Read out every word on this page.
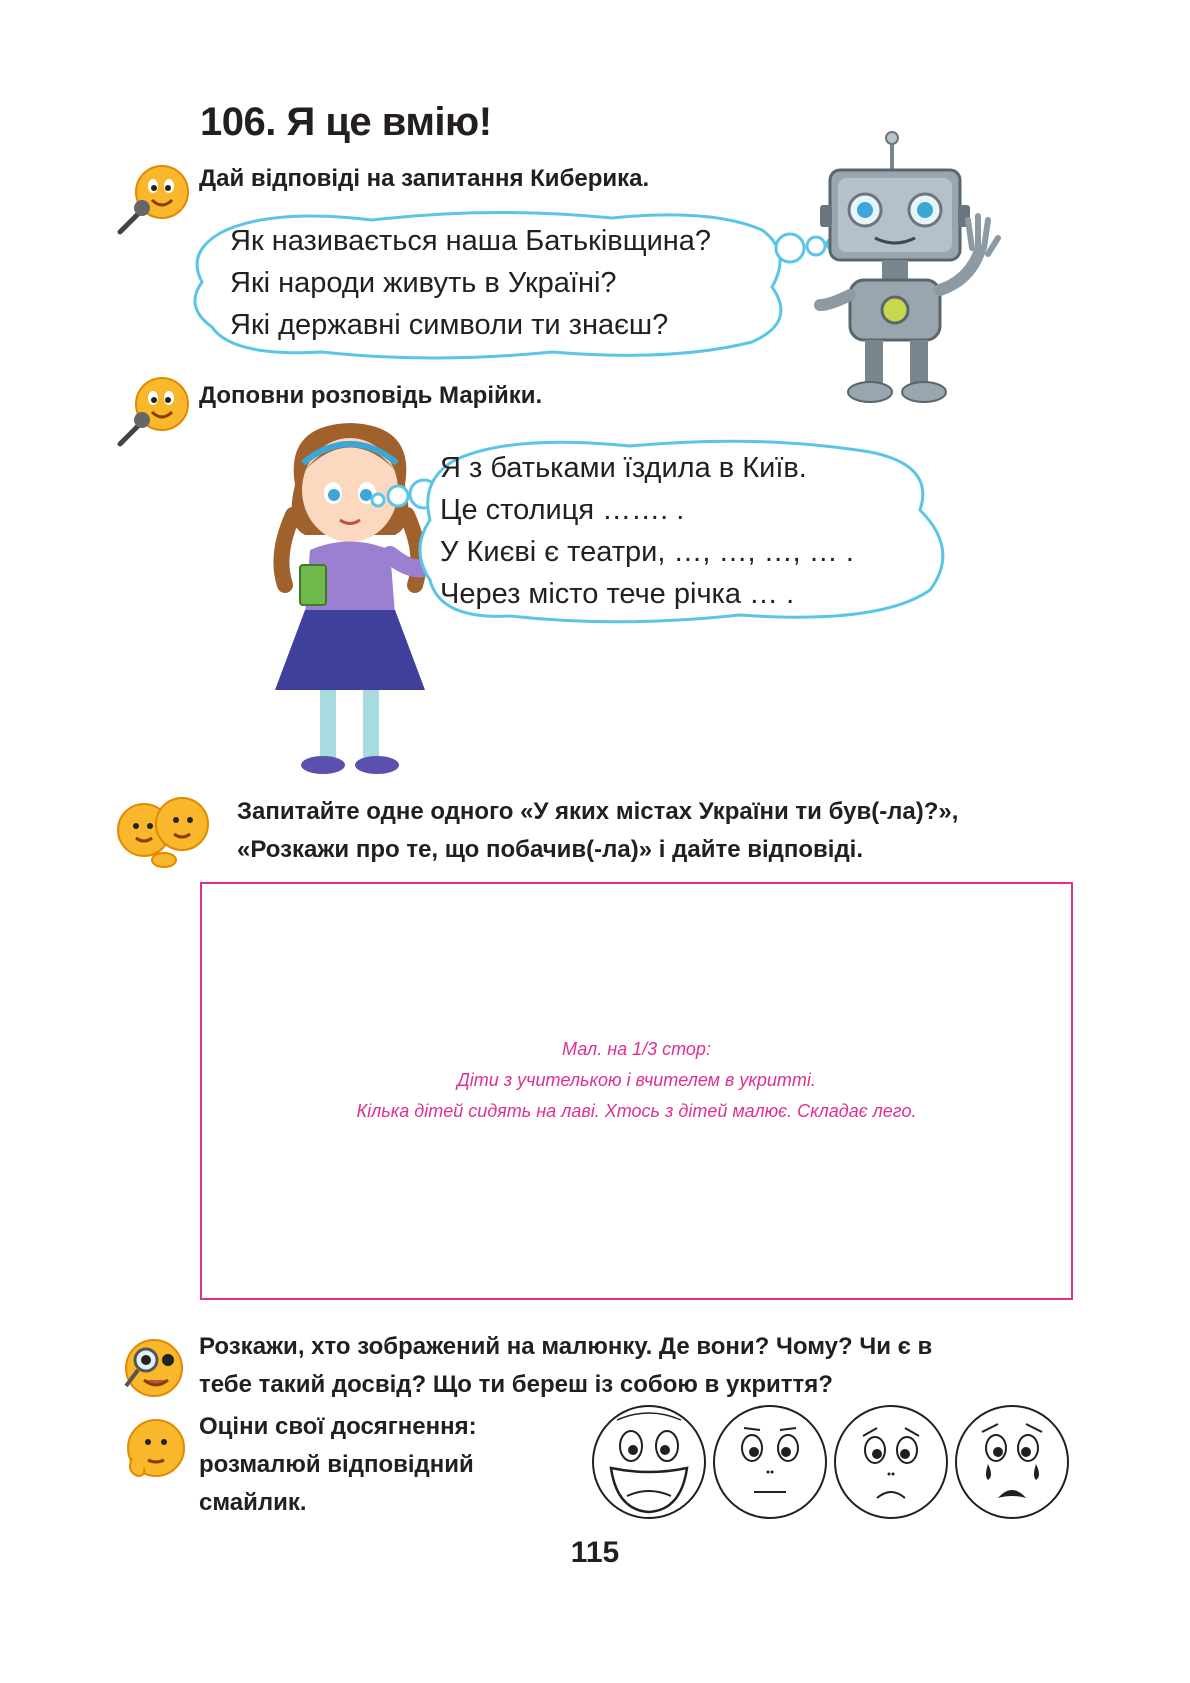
106. Я це вмію!
Дай відповіді на запитання Киберика.
Як називається наша Батьківщина?
Які народи живуть в Україні?
Які державні символи ти знаєш?
Доповни розповідь Марійки.
Я з батьками їздила в Київ.
Це столиця ……. .
У Києві є театри, …, …, …, … .
Через місто тече річка … .
Запитайте одне одного «У яких містах України ти був(-ла)?»,
«Розкажи про те, що побачив(-ла)» і дайте відповіді.
Мал. на 1/3 стор:
Діти з учителькою і вчителем в укритті.
Кілька дітей сидять на лаві. Хтось з дітей малює. Складає лего.
Розкажи, хто зображений на малюнку. Де вони? Чому? Чи є в
тебе такий досвід? Що ти береш із собою в укриття?
Оціни свої досягнення:
розмалюй відповідний
смайлик.
115
